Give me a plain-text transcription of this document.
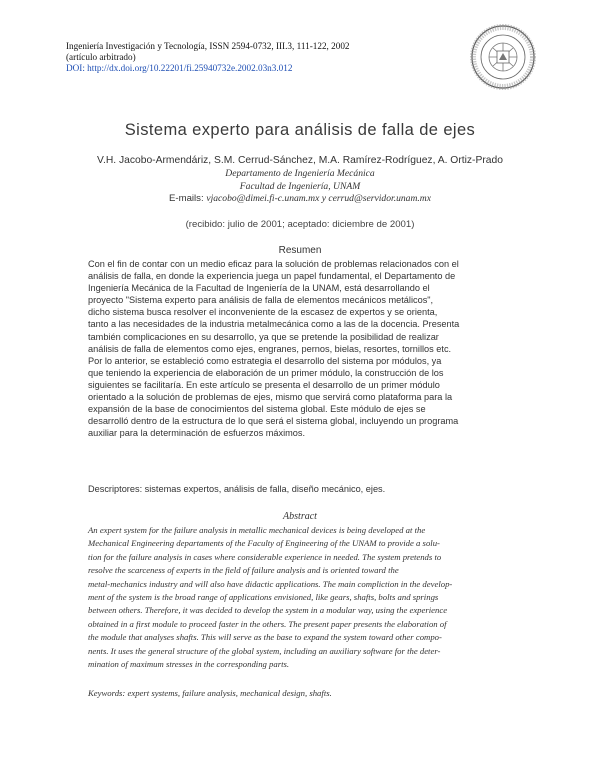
Ingeniería Investigación y Tecnología, ISSN 2594-0732, III.3, 111-122, 2002
(artículo arbitrado)
DOI: http://dx.doi.org/10.22201/fi.25940732e.2002.03n3.012
Sistema experto para análisis de falla de ejes
V.H. Jacobo-Armendáriz, S.M. Cerrud-Sánchez, M.A. Ramírez-Rodríguez, A. Ortiz-Prado
Departamento de Ingeniería Mecánica
Facultad de Ingeniería, UNAM
E-mails: vjacobo@dimei.fi-c.unam.mx y cerrud@servidor.unam.mx
(recibido: julio de 2001; aceptado: diciembre de 2001)
Resumen
Con el fin de contar con un medio eficaz para la solución de problemas relacionados con el
análisis de falla, en donde la experiencia juega un papel fundamental, el Departamento de
Ingeniería Mecánica de la Facultad de Ingeniería de la UNAM, está desarrollando el
proyecto "Sistema experto para análisis de falla de elementos mecánicos metálicos",
dicho sistema busca resolver el inconveniente de la escasez de expertos y se orienta,
tanto a las necesidades de la industria metalmecánica como a las de la docencia. Presenta
también complicaciones en su desarrollo, ya que se pretende la posibilidad de realizar
análisis de falla de elementos como ejes, engranes, pernos, bielas, resortes, tornillos etc.
Por lo anterior, se estableció como estrategia el desarrollo del sistema por módulos, ya
que teniendo la experiencia de elaboración de un primer módulo, la construcción de los
siguientes se facilitaría. En este artículo se presenta el desarrollo de un primer módulo
orientado a la solución de problemas de ejes, mismo que servirá como plataforma para la
expansión de la base de conocimientos del sistema global. Este módulo de ejes se
desarrolló dentro de la estructura de lo que será el sistema global, incluyendo un programa
auxiliar para la determinación de esfuerzos máximos.
Descriptores: sistemas expertos, análisis de falla, diseño mecánico, ejes.
Abstract
An expert system for the failure analysis in metallic mechanical devices is being developed at the
Mechanical Engineering departaments of the Faculty of Engineering of the UNAM to provide a solu-
tion for the failure analysis in cases where considerable experience in needed. The system pretends to
resolve the scarceness of experts in the field of failure analysis and is oriented toward the
metal-mechanics industry and will also have didactic applications. The main compliction in the develop-
ment of the system is the broad range of applications envisioned, like gears, shafts, bolts and springs
between others. Therefore, it was decided to develop the system in a modular way, using the experience
obtained in a first module to proceed faster in the others. The present paper presents the elaboration of
the module that analyses shafts. This will serve as the base to expand the system toward other compo-
nents. It uses the general structure of the global system, including an auxiliary software for the deter-
mination of maximum stresses in the corresponding parts.
Keywords: expert systems, failure analysis, mechanical design, shafts.
